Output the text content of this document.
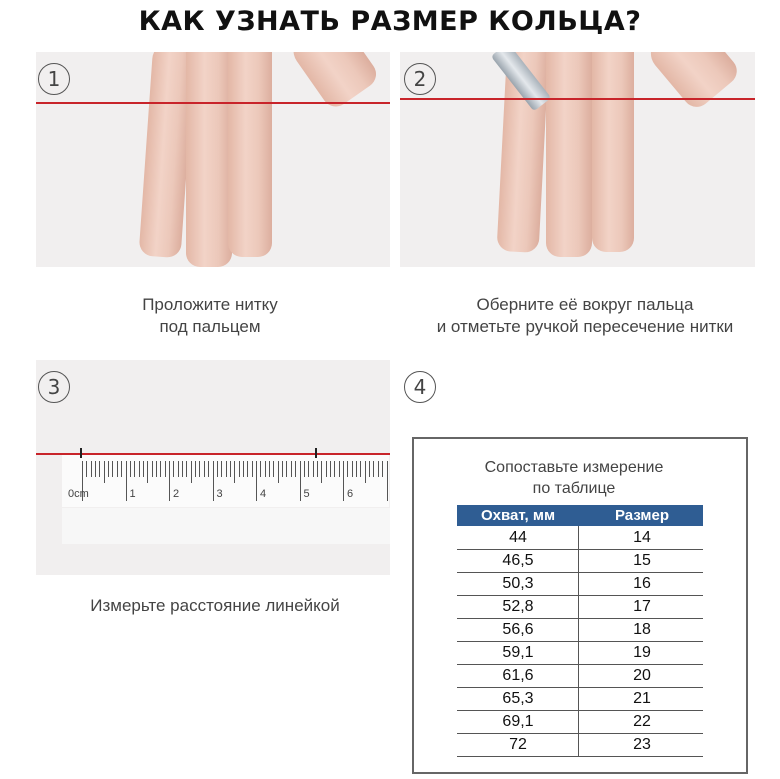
КАК УЗНАТЬ РАЗМЕР КОЛЬЦА?
1
Проложите нитку
под пальцем
2
Оберните её вокруг пальца
и отметьте ручкой пересечение нитки
0cm	1	2	3	4	5	6
3
Измерьте расстояние линейкой
4
Сопоставьте измерение
по таблице
Охват, мм	Размер
44	14
46,5	15
50,3	16
52,8	17
56,6	18
59,1	19
61,6	20
65,3	21
69,1	22
72	23
